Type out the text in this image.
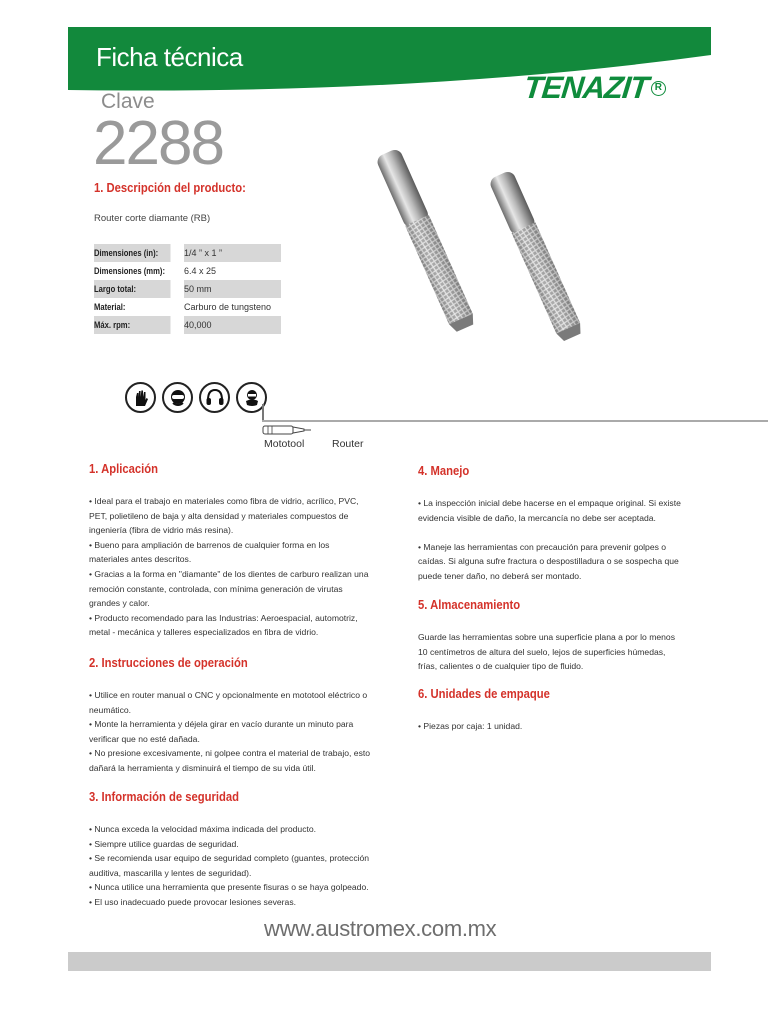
Ficha técnica
TENAZIT R
Clave
2288
1. Descripción del producto:
Router corte diamante (RB)
Dimensiones (in):	1/4 ” x 1 ”
Dimensiones (mm):	6.4 x 25
Largo total:	50 mm
Material:	Carburo de tungsteno
Máx. rpm:	40,000
Mototool	Router
1. Aplicación

• Ideal para el trabajo en materiales como fibra de vidrio, acrílico, PVC,

PET, polietileno de baja y alta densidad y materiales compuestos de

ingeniería (fibra de vidrio más resina).

• Bueno para ampliación de barrenos de cualquier forma en los

materiales antes descritos.

• Gracias a la forma en "diamante" de los dientes de carburo realizan una

remoción constante, controlada, con mínima generación de virutas

grandes y calor.

• Producto recomendado para las Industrias: Aeroespacial, automotriz,

metal - mecánica y talleres especializados en fibra de vidrio.

2. Instrucciones de operación

• Utilice en router manual o CNC y opcionalmente en mototool eléctrico o

neumático.

• Monte la herramienta y déjela girar en vacío durante un minuto para

verificar que no esté dañada.

• No presione excesivamente, ni golpee contra el material de trabajo, esto

dañará la herramienta y disminuirá el tiempo de su vida útil.

3. Información de seguridad

• Nunca exceda la velocidad máxima indicada del producto.

• Siempre utilice guardas de seguridad.

• Se recomienda usar equipo de seguridad completo (guantes, protección

auditiva, mascarilla y lentes de seguridad).

• Nunca utilice una herramienta que presente fisuras o se haya golpeado.

• El uso inadecuado puede provocar lesiones severas.

4. Manejo

• La inspección inicial debe hacerse en el empaque original. Si existe

evidencia visible de daño, la mercancía no debe ser aceptada.

• Maneje las herramientas con precaución para prevenir golpes o

caídas. Si alguna sufre fractura o despostilladura o se sospecha que

puede tener daño, no deberá ser montado.

5. Almacenamiento

Guarde las herramientas sobre una superficie plana a por lo menos

10 centímetros de altura del suelo, lejos de superficies húmedas,

frías, calientes o de cualquier tipo de fluido.

6. Unidades de empaque

• Piezas por caja: 1 unidad.

www.austromex.com.mx
